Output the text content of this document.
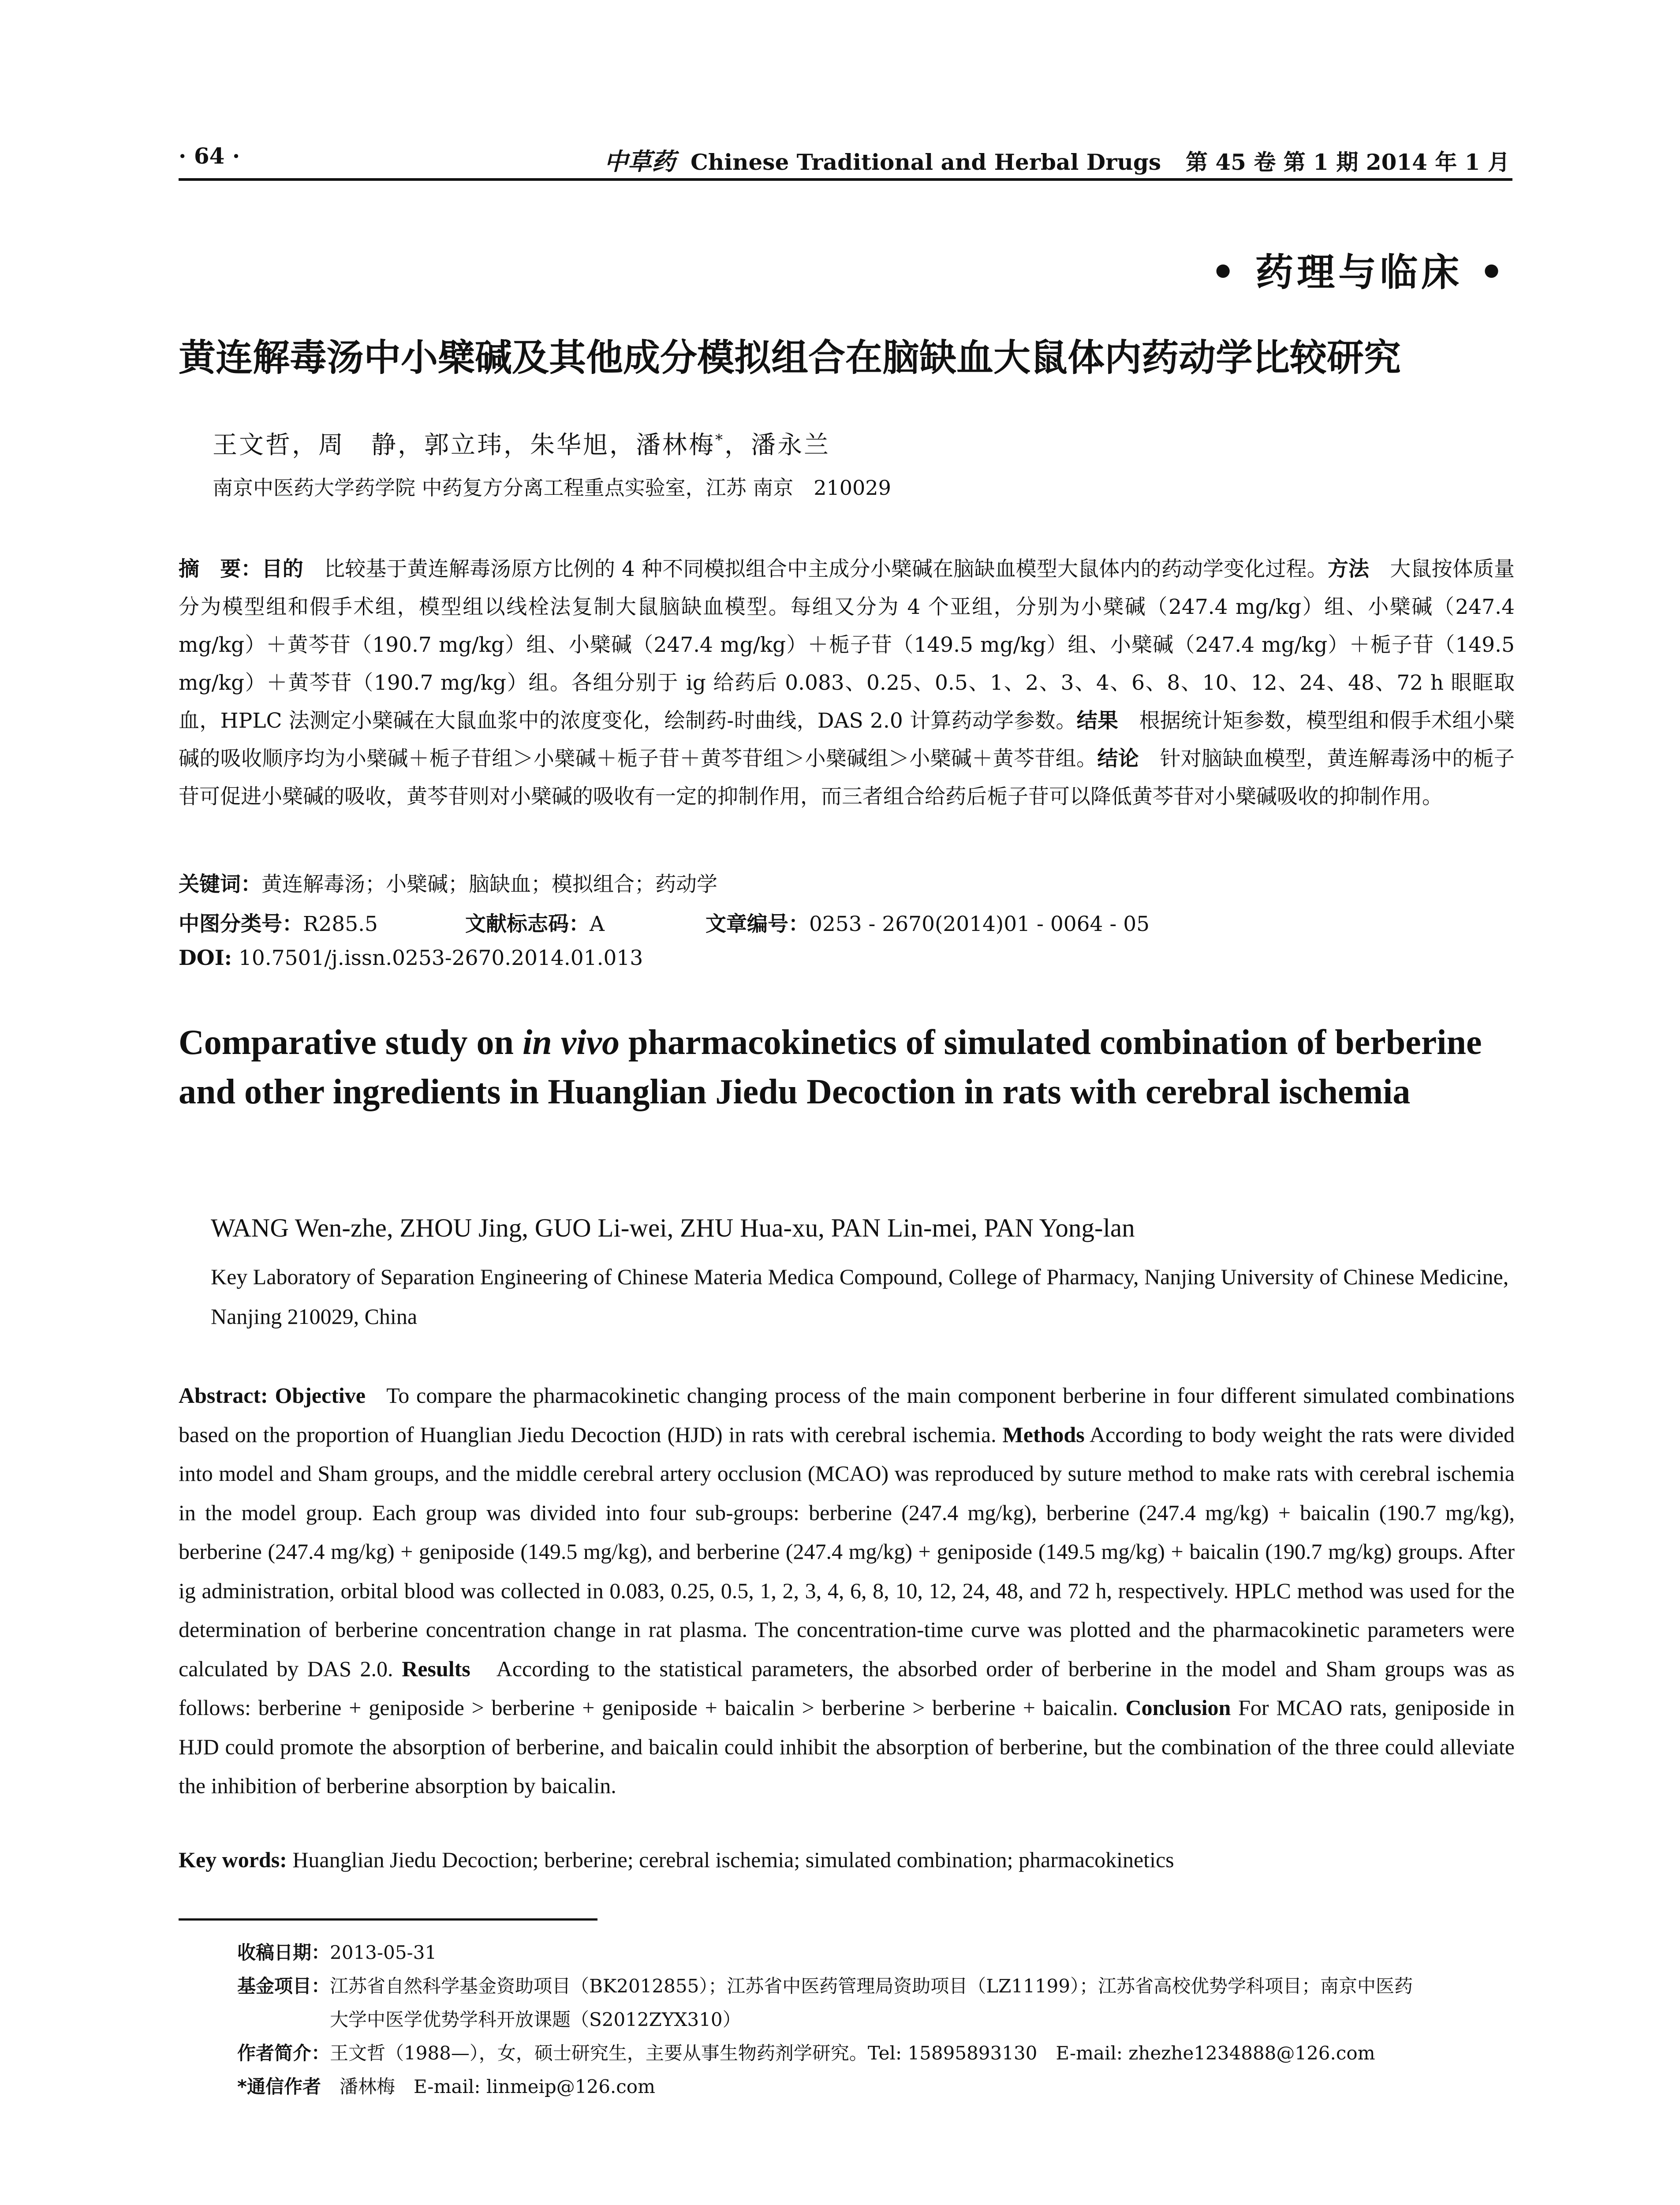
· 64 ·	中草药 Chinese Traditional and Herbal Drugs 第 45 卷 第 1 期 2014 年 1 月
• 药理与临床 •
黄连解毒汤中小檗碱及其他成分模拟组合在脑缺血大鼠体内药动学比较研究
王文哲，周　静，郭立玮，朱华旭，潘林梅*，潘永兰
南京中医药大学药学院 中药复方分离工程重点实验室，江苏 南京　210029
摘　要：目的　 比较基于黄连解毒汤原方比例的 4 种不同模拟组合中主成分小檗碱在脑缺血模型大鼠体内的药动学变化过程。方法　 大鼠按体质量分为模型组和假手术组，模型组以线栓法复制大鼠脑缺血模型。每组又分为 4 个亚组，分别为小檗碱（247.4 mg/kg）组、小檗碱（247.4 mg/kg）＋黄芩苷（190.7 mg/kg）组、小檗碱（247.4 mg/kg）＋栀子苷（149.5 mg/kg）组、小檗碱（247.4 mg/kg）＋栀子苷（149.5 mg/kg）＋黄芩苷（190.7 mg/kg）组。各组分别于 ig 给药后 0.083、0.25、0.5、1、2、3、4、6、8、10、12、24、48、72 h 眼眶取血，HPLC 法测定小檗碱在大鼠血浆中的浓度变化，绘制药-时曲线，DAS 2.0 计算药动学参数。结果　 根据统计矩参数，模型组和假手术组小檗碱的吸收顺序均为小檗碱＋栀子苷组＞小檗碱＋栀子苷＋黄芩苷组＞小檗碱组＞小檗碱＋黄芩苷组。结论　 针对脑缺血模型，黄连解毒汤中的栀子苷可促进小檗碱的吸收，黄芩苷则对小檗碱的吸收有一定的抑制作用，而三者组合给药后栀子苷可以降低黄芩苷对小檗碱吸收的抑制作用。
关键词：黄连解毒汤；小檗碱；脑缺血；模拟组合；药动学
中图分类号：R285.5	文献标志码：A	文章编号：0253 - 2670(2014)01 - 0064 - 05
DOI: 10.7501/j.issn.0253-2670.2014.01.013
Comparative study on in vivo pharmacokinetics of simulated combination of berberine and other ingredients in Huanglian Jiedu Decoction in rats with cerebral ischemia
WANG Wen-zhe, ZHOU Jing, GUO Li-wei, ZHU Hua-xu, PAN Lin-mei, PAN Yong-lan
Key Laboratory of Separation Engineering of Chinese Materia Medica Compound, College of Pharmacy, Nanjing University of Chinese Medicine, Nanjing 210029, China
Abstract: Objective To compare the pharmacokinetic changing process of the main component berberine in four different simulated combinations based on the proportion of Huanglian Jiedu Decoction (HJD) in rats with cerebral ischemia. Methods According to body weight the rats were divided into model and Sham groups, and the middle cerebral artery occlusion (MCAO) was reproduced by suture method to make rats with cerebral ischemia in the model group. Each group was divided into four sub-groups: berberine (247.4 mg/kg), berberine (247.4 mg/kg) + baicalin (190.7 mg/kg), berberine (247.4 mg/kg) + geniposide (149.5 mg/kg), and berberine (247.4 mg/kg) + geniposide (149.5 mg/kg) + baicalin (190.7 mg/kg) groups. After ig administration, orbital blood was collected in 0.083, 0.25, 0.5, 1, 2, 3, 4, 6, 8, 10, 12, 24, 48, and 72 h, respectively. HPLC method was used for the determination of berberine concentration change in rat plasma. The concentration-time curve was plotted and the pharmacokinetic parameters were calculated by DAS 2.0. Results According to the statistical parameters, the absorbed order of berberine in the model and Sham groups was as follows: berberine + geniposide > berberine + geniposide + baicalin > berberine > berberine + baicalin. Conclusion For MCAO rats, geniposide in HJD could promote the absorption of berberine, and baicalin could inhibit the absorption of berberine, but the combination of the three could alleviate the inhibition of berberine absorption by baicalin.
Key words: Huanglian Jiedu Decoction; berberine; cerebral ischemia; simulated combination; pharmacokinetics
收稿日期：2013-05-31
基金项目：江苏省自然科学基金资助项目（BK2012855）；江苏省中医药管理局资助项目（LZ11199）；江苏省高校优势学科项目；南京中医药
大学中医学优势学科开放课题（S2012ZYX310）
作者简介：王文哲（1988—），女，硕士研究生，主要从事生物药剂学研究。Tel: 15895893130　E-mail: zhezhe1234888@126.com
*通信作者　 潘林梅　E-mail: linmeip@126.com
